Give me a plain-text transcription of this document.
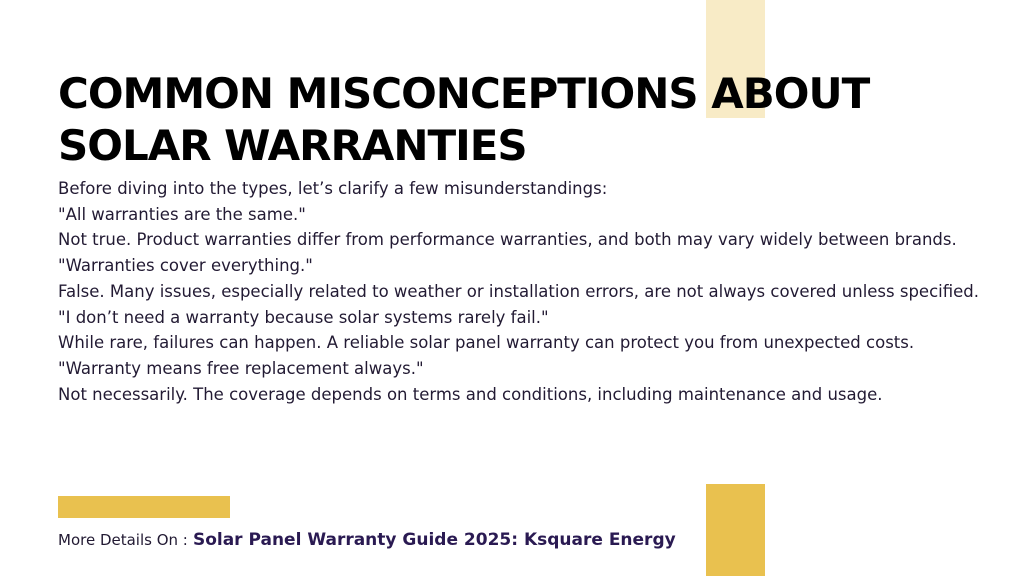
COMMON MISCONCEPTIONS ABOUT SOLAR WARRANTIES
Before diving into the types, let’s clarify a few misunderstandings:
"All warranties are the same."
Not true. Product warranties differ from performance warranties, and both may vary widely between brands.
"Warranties cover everything."
False. Many issues, especially related to weather or installation errors, are not always covered unless specified.
"I don’t need a warranty because solar systems rarely fail."
While rare, failures can happen. A reliable solar panel warranty can protect you from unexpected costs.
"Warranty means free replacement always."
Not necessarily. The coverage depends on terms and conditions, including maintenance and usage.
More Details On : Solar Panel Warranty Guide 2025: Ksquare Energy
